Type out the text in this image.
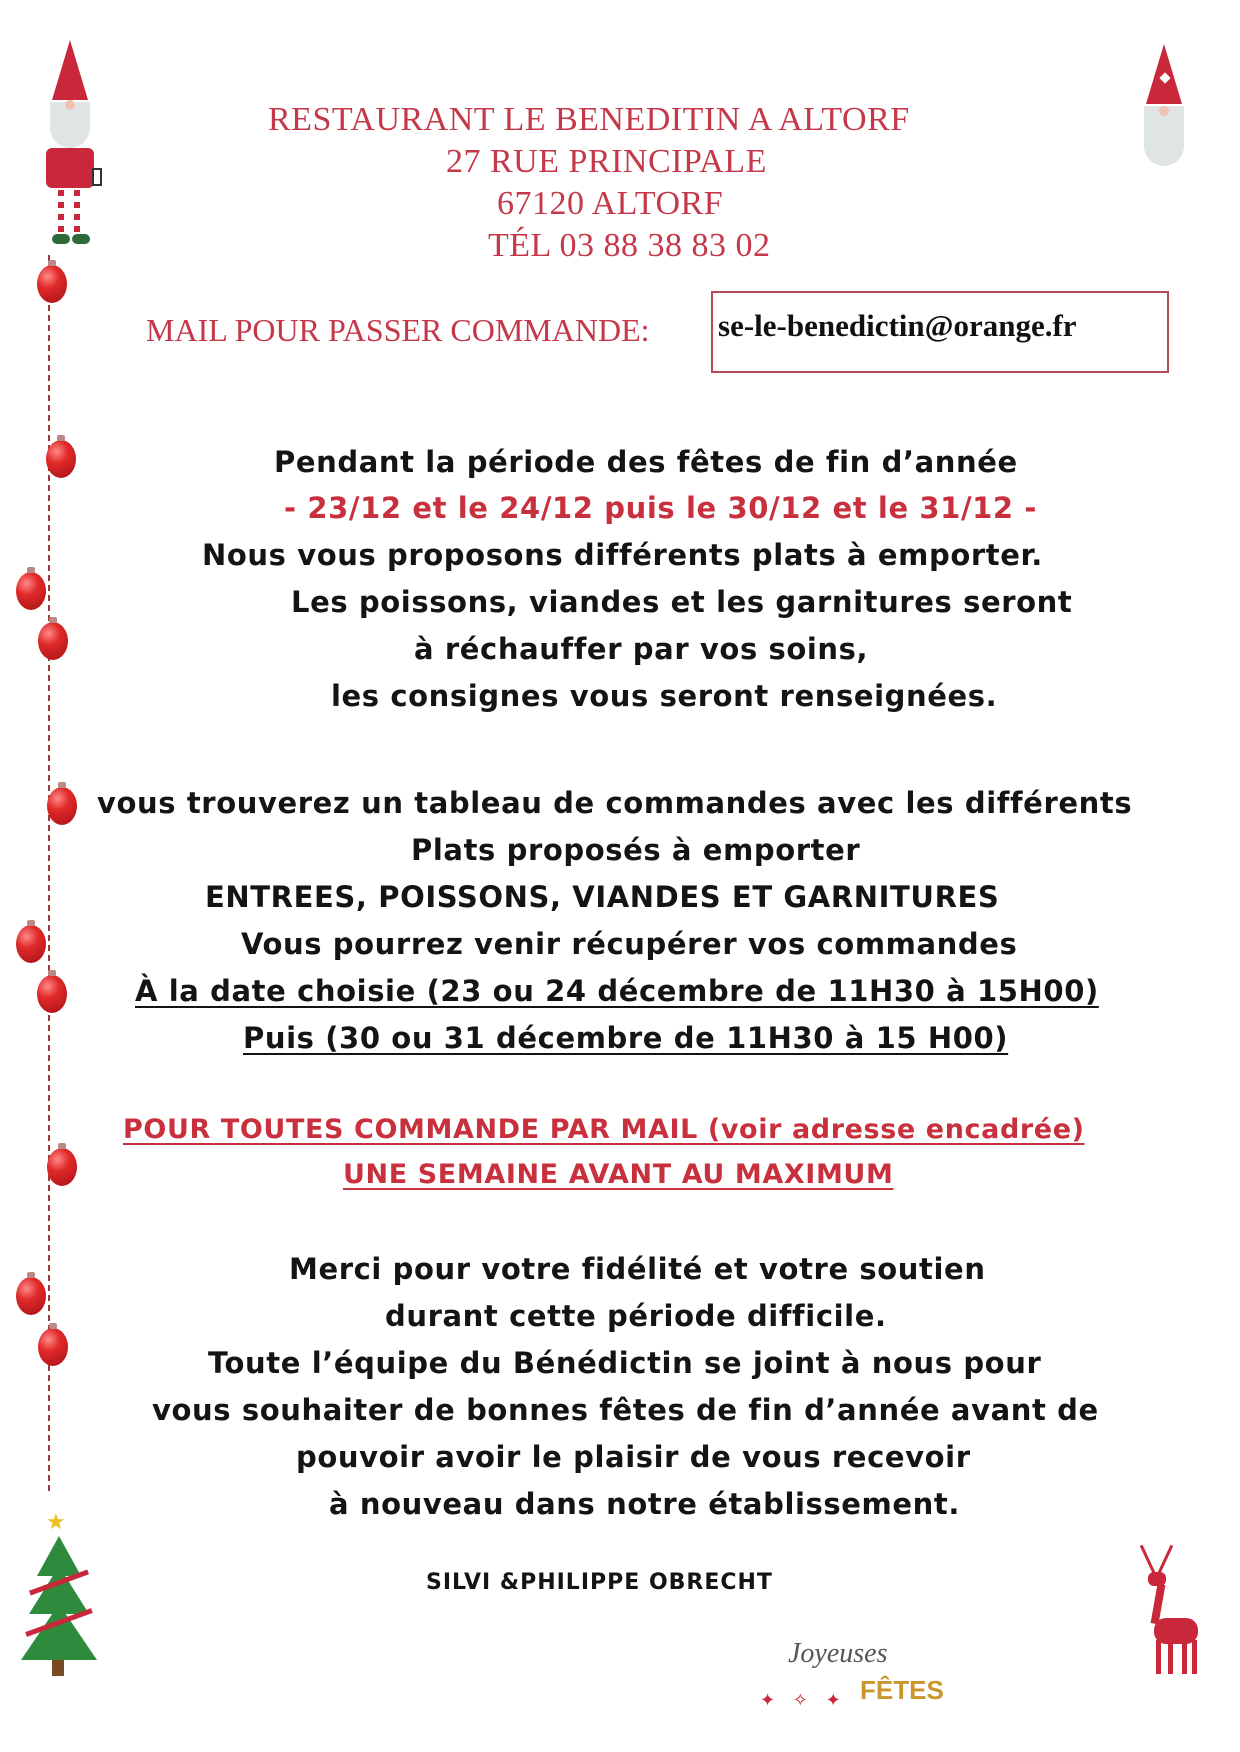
RESTAURANT LE BENEDITIN A ALTORF
27 RUE PRINCIPALE
67120 ALTORF
TÉL 03 88 38 83 02
MAIL POUR PASSER COMMANDE: se-le-benedictin@orange.fr
Pendant la période des fêtes de fin d’année
- 23/12 et le 24/12 puis le 30/12 et le 31/12 -
Nous vous proposons différents plats à emporter.
Les poissons, viandes et les garnitures seront
à réchauffer par vos soins,
les consignes vous seront renseignées.
vous trouverez un tableau de commandes avec les différents
Plats proposés à emporter
ENTREES, POISSONS, VIANDES ET GARNITURES
Vous pourrez venir récupérer vos commandes
À la date choisie (23 ou 24 décembre de 11H30 à 15H00)
Puis (30 ou 31 décembre de 11H30 à 15 H00)
POUR TOUTES COMMANDE PAR MAIL (voir adresse encadrée)
UNE SEMAINE AVANT AU MAXIMUM
Merci pour votre fidélité et votre soutien
durant cette période difficile.
Toute l’équipe du Bénédictin se joint à nous pour
vous souhaiter de bonnes fêtes de fin d’année avant de
pouvoir avoir le plaisir de vous recevoir
à nouveau dans notre établissement.
SILVI &PHILIPPE OBRECHT
★
Joyeuses
✦ ✧ ✦ FÊTES
